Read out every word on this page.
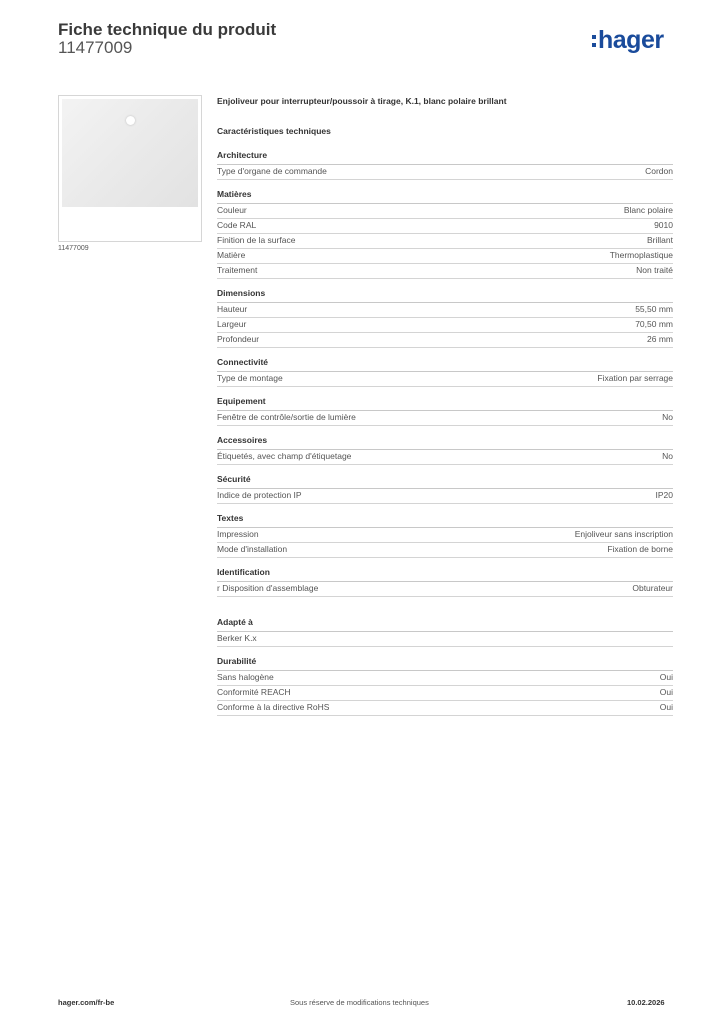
Fiche technique du produit
11477009	hager
11477009
Enjoliveur pour interrupteur/poussoir à tirage, K.1, blanc polaire brillant
Caractéristiques techniques
Architecture
Type d'organe de commande	Cordon
Matières
Couleur	Blanc polaire
Code RAL	9010
Finition de la surface	Brillant
Matière	Thermoplastique
Traitement	Non traité
Dimensions
Hauteur	55,50 mm
Largeur	70,50 mm
Profondeur	26 mm
Connectivité
Type de montage	Fixation par serrage
Equipement
Fenêtre de contrôle/sortie de lumière	No
Accessoires
Étiquetés, avec champ d'étiquetage	No
Sécurité
Indice de protection IP	IP20
Textes
Impression	Enjoliveur sans inscription
Mode d'installation	Fixation de borne
Identification
r Disposition d'assemblage	Obturateur
Adapté à
Berker K.x
Durabilité
Sans halogène	Oui
Conformité REACH	Oui
Conforme à la directive RoHS	Oui
hager.com/fr-be	Sous réserve de modifications techniques	10.02.2026
